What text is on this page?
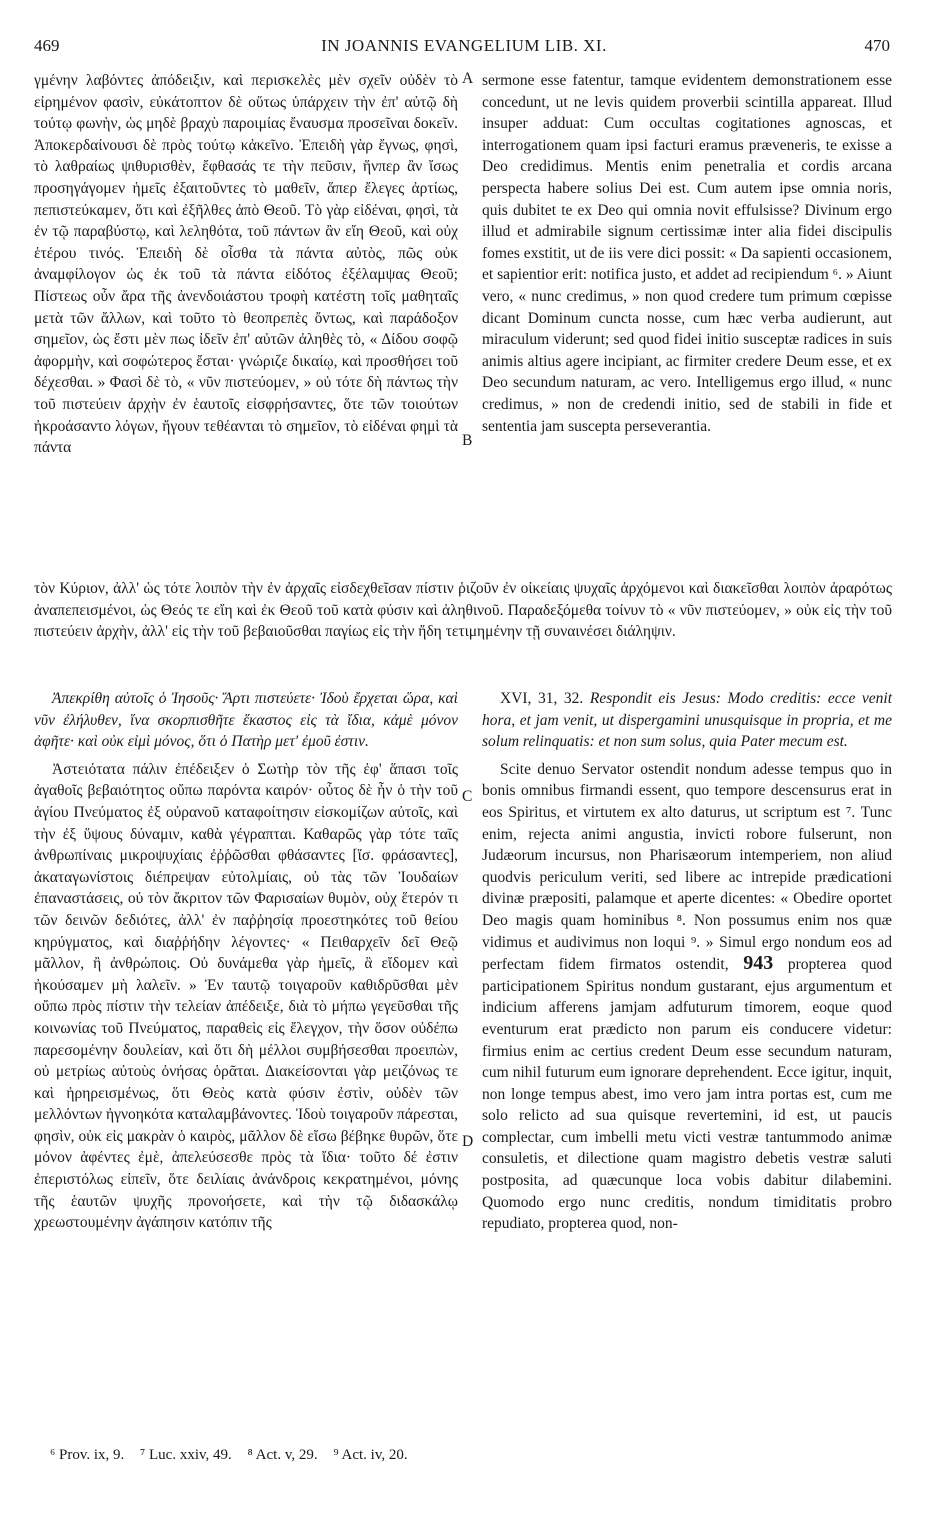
469	IN JOANNIS EVANGELIUM LIB. XI.	470
A
B
C
D

γμένην λαβόντες ἀπόδειξιν, καὶ περισκελὲς μὲν σχεῖν οὐδὲν τὸ εἰρημένον φασὶν, εὐκάτοπτον δὲ οὕτως ὑπάρχειν τὴν ἐπ' αὐτῷ δὴ τούτῳ φωνὴν, ὡς μηδὲ βραχὺ παροιμίας ἔναυσμα προσεῖναι δοκεῖν. Ἀποκερδαίνουσι δὲ πρὸς τούτῳ κἀκεῖνο. Ἐπειδὴ γὰρ ἔγνως, φησὶ, τὸ λαθραίως ψιθυρισθὲν, ἔφθασάς τε τὴν πεῦσιν, ἥνπερ ἂν ἴσως προσηγάγομεν ἡμεῖς ἐξαιτοῦντες τὸ μαθεῖν, ἅπερ ἔλεγες ἀρτίως, πεπιστεύκαμεν, ὅτι καὶ ἐξῆλθες ἀπὸ Θεοῦ. Τὸ γὰρ εἰδέναι, φησὶ, τὰ ἐν τῷ παραβύστῳ, καὶ λεληθότα, τοῦ πάντων ἂν εἴη Θεοῦ, καὶ οὐχ ἑτέρου τινός. Ἐπειδὴ δὲ οἶσθα τὰ πάντα αὐτὸς, πῶς οὐκ ἀναμφίλογον ὡς ἐκ τοῦ τὰ πάντα εἰδότος ἐξέλαμψας Θεοῦ; Πίστεως οὖν ἄρα τῆς ἀνενδοιάστου τροφὴ κατέστη τοῖς μαθηταῖς μετὰ τῶν ἄλλων, καὶ τοῦτο τὸ θεοπρεπὲς ὄντως, καὶ παράδοξον σημεῖον, ὡς ἔστι μὲν πως ἰδεῖν ἐπ' αὐτῶν ἀληθὲς τὸ, « Δίδου σοφῷ ἀφορμὴν, καὶ σοφώτερος ἔσται· γνώριζε δικαίῳ, καὶ προσθήσει τοῦ δέχεσθαι. » Φασὶ δὲ τὸ, « νῦν πιστεύομεν, » οὐ τότε δὴ πάντως τὴν τοῦ πιστεύειν ἀρχὴν ἐν ἑαυτοῖς εἰσφρήσαντες, ὅτε τῶν τοιούτων ἠκροάσαντο λόγων, ἤγουν τεθέανται τὸ σημεῖον, τὸ εἰδέναι φημὶ τὰ πάντα

sermone esse fatentur, tamque evidentem demonstrationem esse concedunt, ut ne levis quidem proverbii scintilla appareat. Illud insuper adduat: Cum occultas cogitationes agnoscas, et interrogationem quam ipsi facturi eramus præveneris, te exisse a Deo credidimus. Mentis enim penetralia et cordis arcana perspecta habere solius Dei est. Cum autem ipse omnia noris, quis dubitet te ex Deo qui omnia novit effulsisse? Divinum ergo illud et admirabile signum certissimæ inter alia fidei discipulis fomes exstitit, ut de iis vere dici possit: « Da sapienti occasionem, et sapientior erit: notifica justo, et addet ad recipiendum ⁶. » Aiunt vero, « nunc credimus, » non quod credere tum primum cœpisse dicant Dominum cuncta nosse, cum hæc verba audierunt, aut miraculum viderunt; sed quod fidei initio susceptæ radices in suis animis altius agere incipiant, ac firmiter credere Deum esse, et ex Deo secundum naturam, ac vero. Intelligemus ergo illud, « nunc credimus, » non de credendi initio, sed de stabili in fide et sententia jam suscepta perseverantia.

τὸν Κύριον, ἀλλ' ὡς τότε λοιπὸν τὴν ἐν ἀρχαῖς εἰσδεχθεῖσαν πίστιν ῥιζοῦν ἐν οἰκείαις ψυχαῖς ἀρχόμενοι καὶ διακεῖσθαι λοιπὸν ἀραρότως ἀναπεπεισμένοι, ὡς Θεός τε εἴη καὶ ἐκ Θεοῦ τοῦ κατὰ φύσιν καὶ ἀληθινοῦ. Παραδεξόμεθα τοίνυν τὸ « νῦν πιστεύομεν, » οὐκ εἰς τὴν τοῦ πιστεύειν ἀρχὴν, ἀλλ' εἰς τὴν τοῦ βεβαιοῦσθαι παγίως εἰς τὴν ἤδη τετιμημένην τῇ συναινέσει διάληψιν.

Ἀπεκρίθη αὐτοῖς ὁ Ἰησοῦς· Ἄρτι πιστεύετε· Ἰδοὺ ἔρχεται ὥρα, καὶ νῦν ἐλήλυθεν, ἵνα σκορπισθῆτε ἕκαστος εἰς τὰ ἴδια, κἀμὲ μόνον ἀφῆτε· καὶ οὐκ εἰμὶ μόνος, ὅτι ὁ Πατὴρ μετ' ἐμοῦ ἐστιν.

Ἀστειότατα πάλιν ἐπέδειξεν ὁ Σωτὴρ τὸν τῆς ἐφ' ἅπασι τοῖς ἀγαθοῖς βεβαιότητος οὔπω παρόντα καιρόν· οὗτος δὲ ἦν ὁ τὴν τοῦ ἁγίου Πνεύματος ἐξ οὐρανοῦ καταφοίτησιν εἰσκομίζων αὐτοῖς, καὶ τὴν ἐξ ὕψους δύναμιν, καθὰ γέγραπται. Καθαρῶς γὰρ τότε ταῖς ἀνθρωπίναις μικροψυχίαις ἐῤῥῶσθαι φθάσαντες [ἴσ. φράσαντες], ἀκαταγωνίστοις διέπρεψαν εὐτολμίαις, οὐ τὰς τῶν Ἰουδαίων ἐπαναστάσεις, οὐ τὸν ἄκριτον τῶν Φαρισαίων θυμὸν, οὐχ ἕτερόν τι τῶν δεινῶν δεδιότες, ἀλλ' ἐν παῤῥησίᾳ προεστηκότες τοῦ θείου κηρύγματος, καὶ διαῤῥήδην λέγοντες· « Πειθαρχεῖν δεῖ Θεῷ μᾶλλον, ἢ ἀνθρώποις. Οὐ δυνάμεθα γὰρ ἡμεῖς, ἃ εἴδομεν καὶ ἠκούσαμεν μὴ λαλεῖν. » Ἐν ταυτῷ τοιγαροῦν καθιδρῦσθαι μὲν οὔπω πρὸς πίστιν τὴν τελείαν ἀπέδειξε, διὰ τὸ μήπω γεγεῦσθαι τῆς κοινωνίας τοῦ Πνεύματος, παραθεὶς εἰς ἔλεγχον, τὴν ὅσον οὐδέπω παρεσομένην δουλείαν, καὶ ὅτι δὴ μέλλοι συμβήσεσθαι προειπὼν, οὐ μετρίως αὐτοὺς ὀνήσας ὁρᾶται. Διακείσονται γὰρ μειζόνως τε καὶ ἠρηρεισμένως, ὅτι Θεὸς κατὰ φύσιν ἐστὶν, οὐδὲν τῶν μελλόντων ἠγνοηκότα καταλαμβάνοντες. Ἰδοὺ τοιγαροῦν πάρεσται, φησὶν, οὐκ εἰς μακρὰν ὁ καιρὸς, μᾶλλον δὲ εἴσω βέβηκε θυρῶν, ὅτε μόνον ἀφέντες ἐμὲ, ἀπελεύσεσθε πρὸς τὰ ἴδια· τοῦτο δέ ἐστιν ἐπεριστόλως εἰπεῖν, ὅτε δειλίαις ἀνάνδροις κεκρατημένοι, μόνης τῆς ἑαυτῶν ψυχῆς προνοήσετε, καὶ τὴν τῷ διδασκάλῳ χρεωστουμένην ἀγάπησιν κατόπιν τῆς

XVI, 31, 32. Respondit eis Jesus: Modo creditis: ecce venit hora, et jam venit, ut dispergamini unusquisque in propria, et me solum relinquatis: et non sum solus, quia Pater mecum est.

Scite denuo Servator ostendit nondum adesse tempus quo in bonis omnibus firmandi essent, quo tempore descensurus erat in eos Spiritus, et virtutem ex alto daturus, ut scriptum est ⁷. Tunc enim, rejecta animi angustia, invicti robore fulserunt, non Judæorum incursus, non Pharisæorum intemperiem, non aliud quodvis periculum veriti, sed libere ac intrepide prædicationi divinæ præpositi, palamque et aperte dicentes: « Obedire oportet Deo magis quam hominibus ⁸. Non possumus enim nos quæ vidimus et audivimus non loqui ⁹. » Simul ergo nondum eos ad perfectam fidem firmatos ostendit, 943 propterea quod participationem Spiritus nondum gustarant, ejus argumentum et indicium afferens jamjam adfuturum timorem, eoque quod eventurum erat prædicto non parum eis conducere videtur: firmius enim ac certius credent Deum esse secundum naturam, cum nihil futurum eum ignorare deprehendent. Ecce igitur, inquit, non longe tempus abest, imo vero jam intra portas est, cum me solo relicto ad sua quisque revertemini, id est, ut paucis complectar, cum imbelli metu victi vestræ tantummodo animæ consuletis, et dilectione quam magistro debetis vestræ saluti postposita, ad quæcunque loca vobis dabitur dilabemini. Quomodo ergo nunc creditis, nondum timiditatis probro repudiato, propterea quod, non-

⁶ Prov. ix, 9. ⁷ Luc. xxiv, 49. ⁸ Act. v, 29. ⁹ Act. iv, 20.
